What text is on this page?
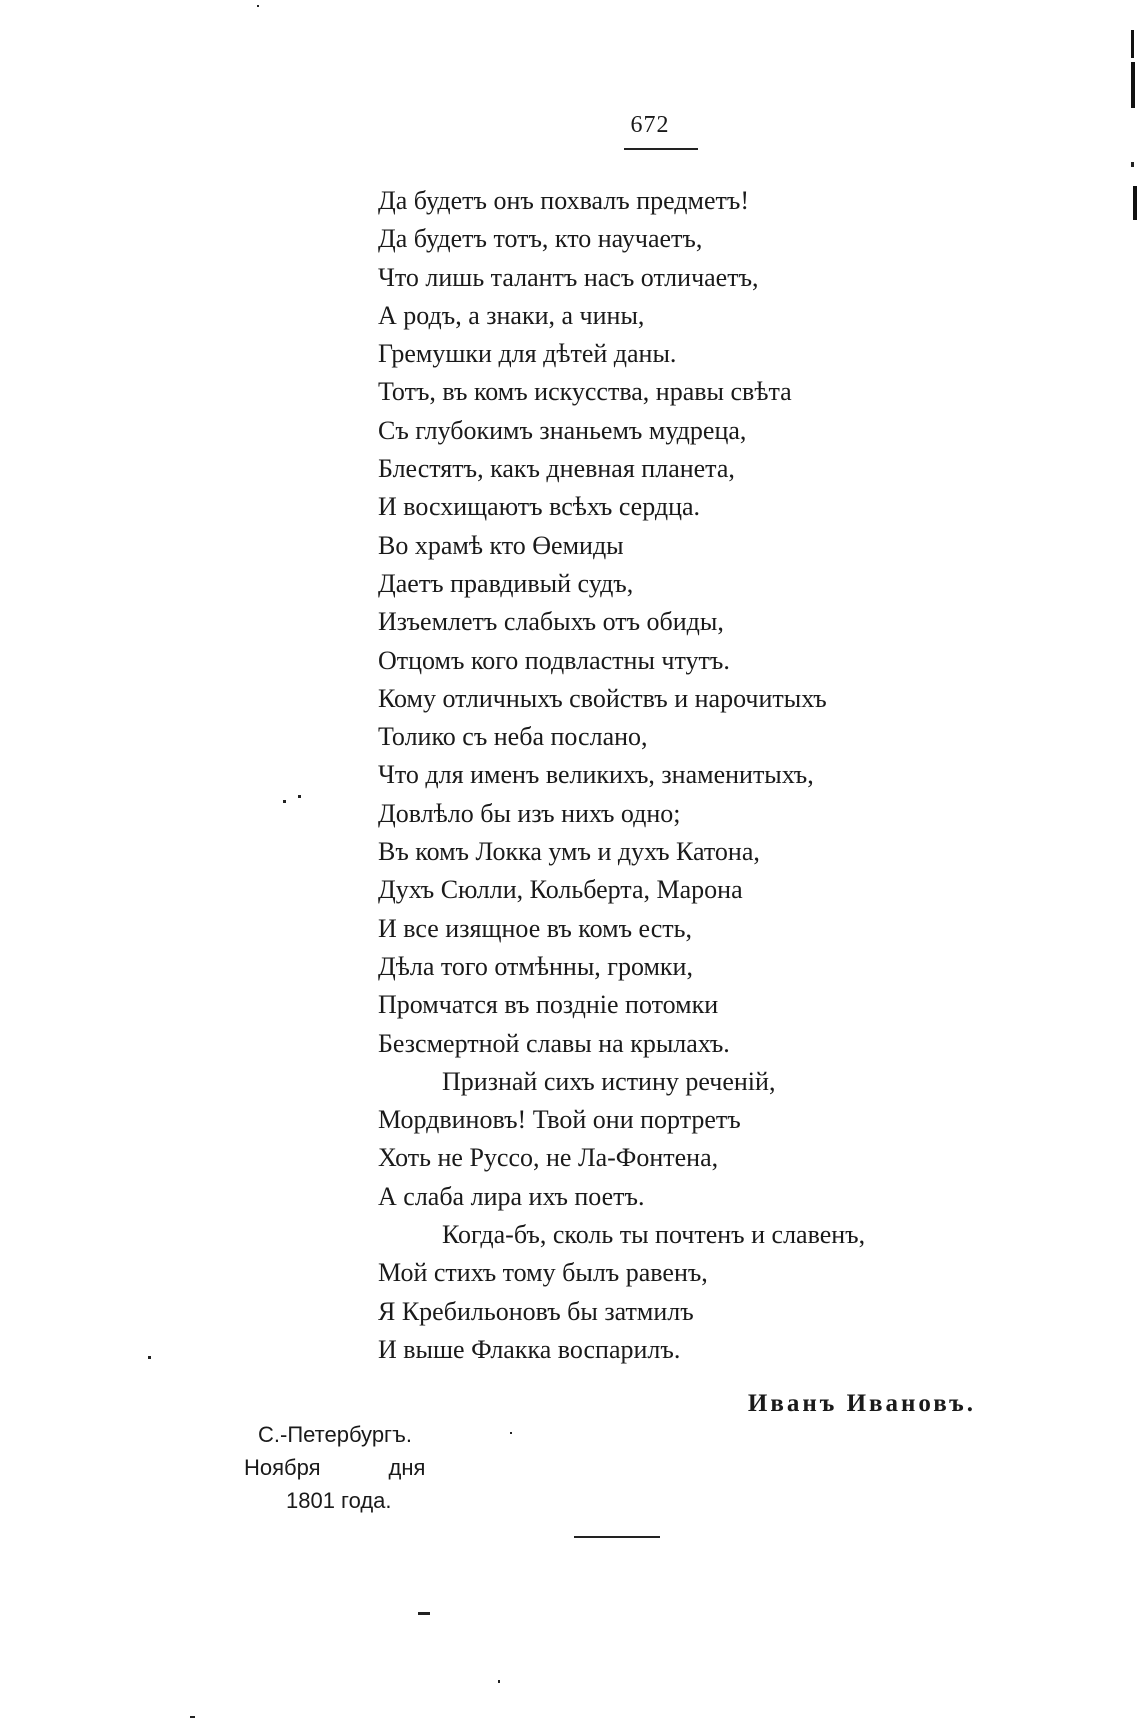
672
Да будетъ онъ похвалъ предметъ!
Да будетъ тотъ, кто научаетъ,
Что лишь талантъ насъ отличаетъ,
А родъ, а знаки, а чины,
Гремушки для дѣтей даны.
Тотъ, въ комъ искусства, нравы свѣта
Съ глубокимъ знаньемъ мудреца,
Блестятъ, какъ дневная планета,
И восхищаютъ всѣхъ сердца.
Во храмѣ кто Өемиды
Даетъ правдивый судъ,
Изъемлетъ слабыхъ отъ обиды,
Отцомъ кого подвластны чтутъ.
Кому отличныхъ свойствъ и нарочитыхъ
Толико съ неба послано,
Что для именъ великихъ, знаменитыхъ,
Довлѣло бы изъ нихъ одно;
Въ комъ Локка умъ и духъ Катона,
Духъ Сюлли, Кольберта, Марона
И все изящное въ комъ есть,
Дѣла того отмѣнны, громки,
Промчатся въ поздніе потомки
Безсмертной славы на крылахъ.
Признай сихъ истину реченій,
Мордвиновъ! Твой они портретъ
Хоть не Руссо, не Ла-Фонтена,
А слаба лира ихъ поетъ.
Когда-бъ, сколь ты почтенъ и славенъ,
Мой стихъ тому былъ равенъ,
Я Кребильоновъ бы затмилъ
И выше Флакка воспарилъ.
Иванъ Ивановъ.
С.-Петербургъ.
Ноября	дня
1801 года.
